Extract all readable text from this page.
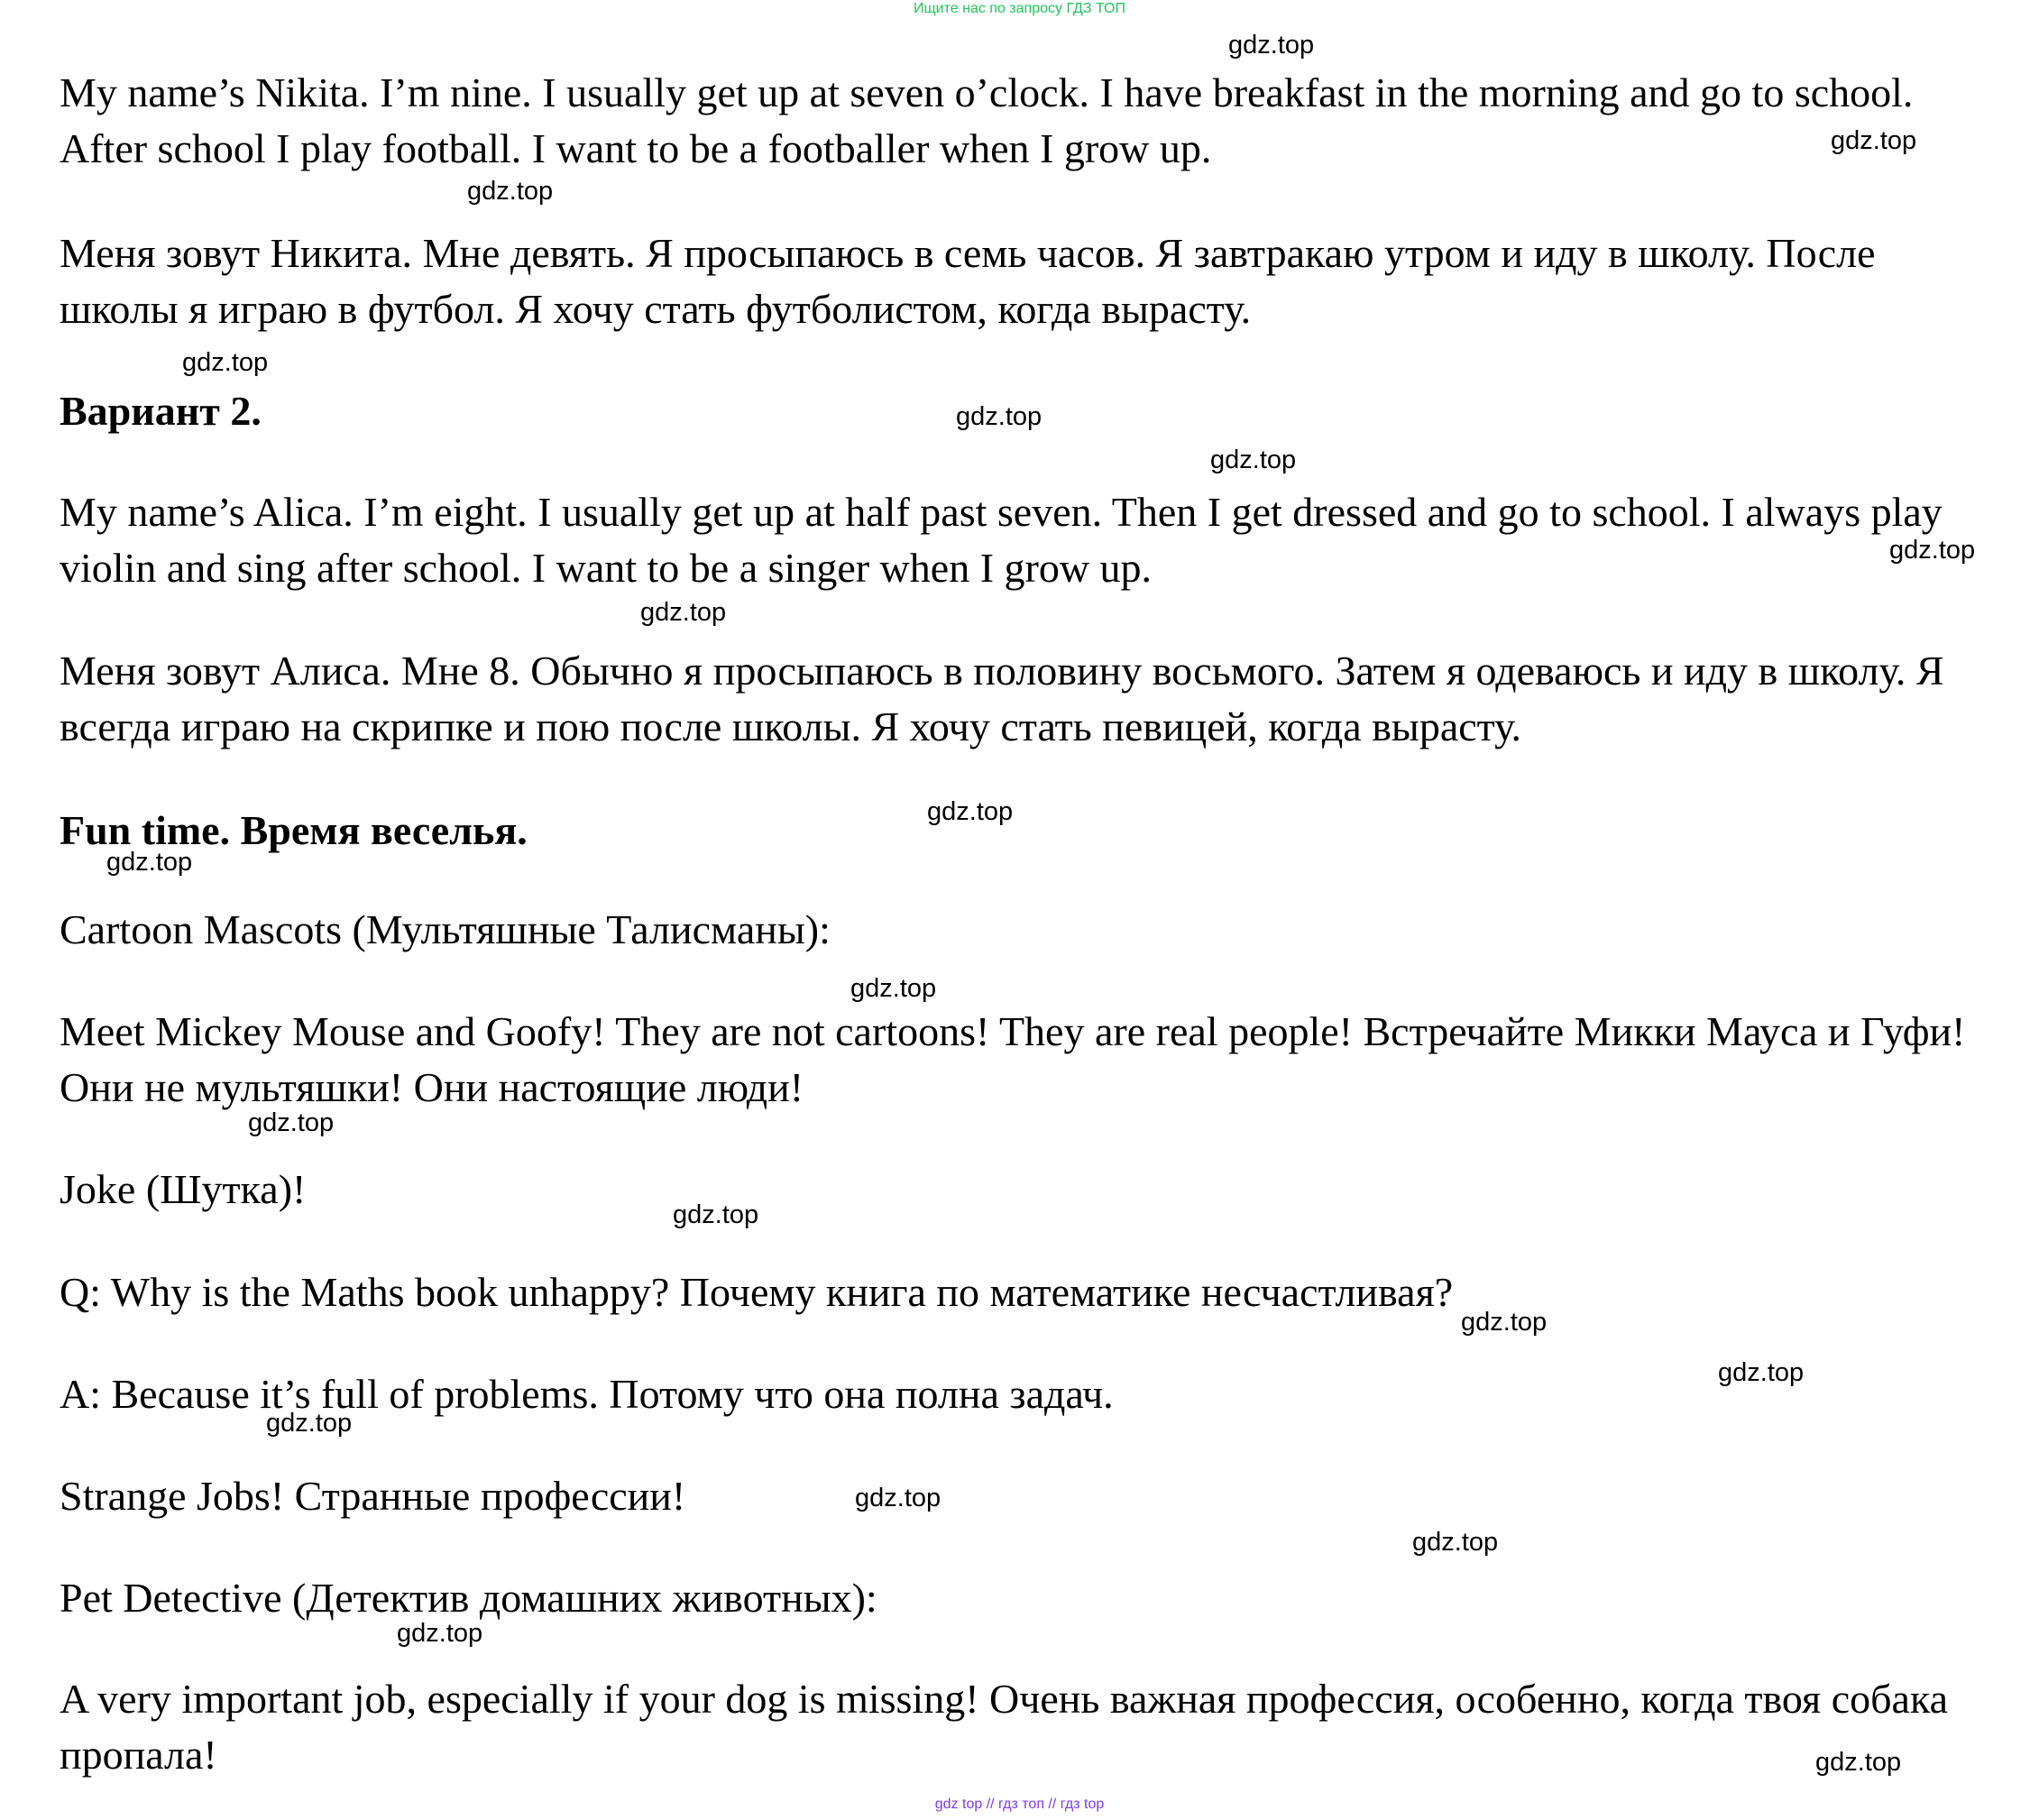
Ищите нас по запросу ГДЗ ТОП

My name’s Nikita. I’m nine. I usually get up at seven o’clock. I have breakfast in the morning and go to school. After school I play football. I want to be a footballer when I grow up.

Меня зовут Никита. Мне девять. Я просыпаюсь в семь часов. Я завтракаю утром и иду в школу. После школы я играю в футбол. Я хочу стать футболистом, когда вырасту.

Вариант 2.

My name’s Alica. I’m eight. I usually get up at half past seven. Then I get dressed and go to school. I always play violin and sing after school. I want to be a singer when I grow up.

Меня зовут Алиса. Мне 8. Обычно я просыпаюсь в половину восьмого. Затем я одеваюсь и иду в школу. Я всегда играю на скрипке и пою после школы. Я хочу стать певицей, когда вырасту.

Fun time. Время веселья.

Cartoon Mascots (Мультяшные Талисманы):

Meet Mickey Mouse and Goofy! They are not cartoons! They are real people! Встречайте Микки Мауса и Гуфи! Они не мультяшки! Они настоящие люди!

Joke (Шутка)!

Q: Why is the Maths book unhappy? Почему книга по математике несчастливая?

A: Because it’s full of problems. Потому что она полна задач.

Strange Jobs! Странные профессии!

Pet Detective (Детектив домашних животных):

A very important job, especially if your dog is missing! Очень важная профессия, особенно, когда твоя собака пропала!

gdz.top
gdz.top
gdz.top
gdz.top
gdz.top
gdz.top
gdz.top
gdz.top
gdz.top
gdz.top
gdz.top
gdz.top
gdz.top
gdz.top
gdz.top
gdz.top
gdz.top
gdz.top
gdz.top
gdz.top
gdz top // гдз топ // гдз top
